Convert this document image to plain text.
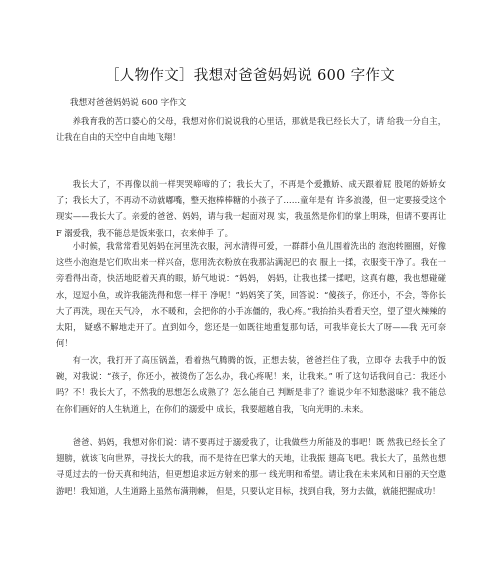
［人物作文］我想对爸爸妈妈说 600 字作文
我想对爸爸妈妈说 600 字作文

养我育我的苦口婆心的父母，我想对你们说说我的心里话，那就是我已经长大了，请 给我一分自主，让我在自由的天空中自由地飞翔！

我长大了，不再像以前一样哭哭啼啼的了；我长大了，不再是个爱撒娇、成天跟着屁 股尾的娇娇女了；我长大了，不再动不动就嘟嘴，整天抱棒棒糖的小孩子了……童年是有 许多浪漫，但一定要接受这个现实——我长大了。亲爱的爸爸、妈妈，请与我一起面对现 实，我虽然是你们的掌上明珠，但请不要再让 F 溺爱我，我不能总是饭来张口，衣来伸手 了。

小时候，我常常看见妈妈在河里洗衣服，河水清得可爱，一群群小鱼儿围着洗出的 泡泡转圈圈，好像这些小泡泡是它们吹出来一样兴奋，您用洗衣粉放在我那沾满泥巴的衣 服上一揉，衣服变干净了。我在一旁看得出奇，快活地眨着天真的眼，娇气地说：“妈妈， 妈妈，让我也揉一揉吧，这真有趣，我也想碰碰水，逗逗小鱼，或许我能洗得和您一样干 净呢！”妈妈笑了笑，回答说：“傻孩子，你还小，不会，等你长大了再洗，现在天气冷， 水不暖和，会把你的小手冻僵的，我心疼。”我抬抬头看看天空，望了望火辣辣的太阳， 疑惑不解地走开了。直到如今，您还是一如既往地重复那句话，可我毕竟长大了呀——我 无可奈何！

有一次，我打开了高压锅盖，看着热气腾腾的饭，正想去装，爸爸拦住了我，立即夺 去我手中的饭碗，对我说：“孩子，你还小，被烫伤了怎么办，我心疼呢！来，让我来。” 听了这句话我问自己：我还小吗？不！我长大了，不然我的思想怎么成熟了？怎么能自己 判断是非了？谁说少年不知愁滋味？我不能总在你们画好的人生轨道上，在你们的溺爱中 成长，我要超越自我，飞向光明的.未来。

爸爸、妈妈，我想对你们说：请不要再过于溺爱我了，让我做些力所能及的事吧！既 然我已经长全了翅膀，就该飞向世界，寻找长大的我，而不是待在巴掌大的天地，让我振 翅高飞吧。我长大了，虽然也想寻觅过去的一份天真和纯洁，但更想追求远方射来的那一 线光明和希望。请让我在未来风和日丽的天空遨游吧！我知道，人生道路上虽然布满荆棘， 但是，只要认定目标，找到自我，努力去做，就能把握成功！
